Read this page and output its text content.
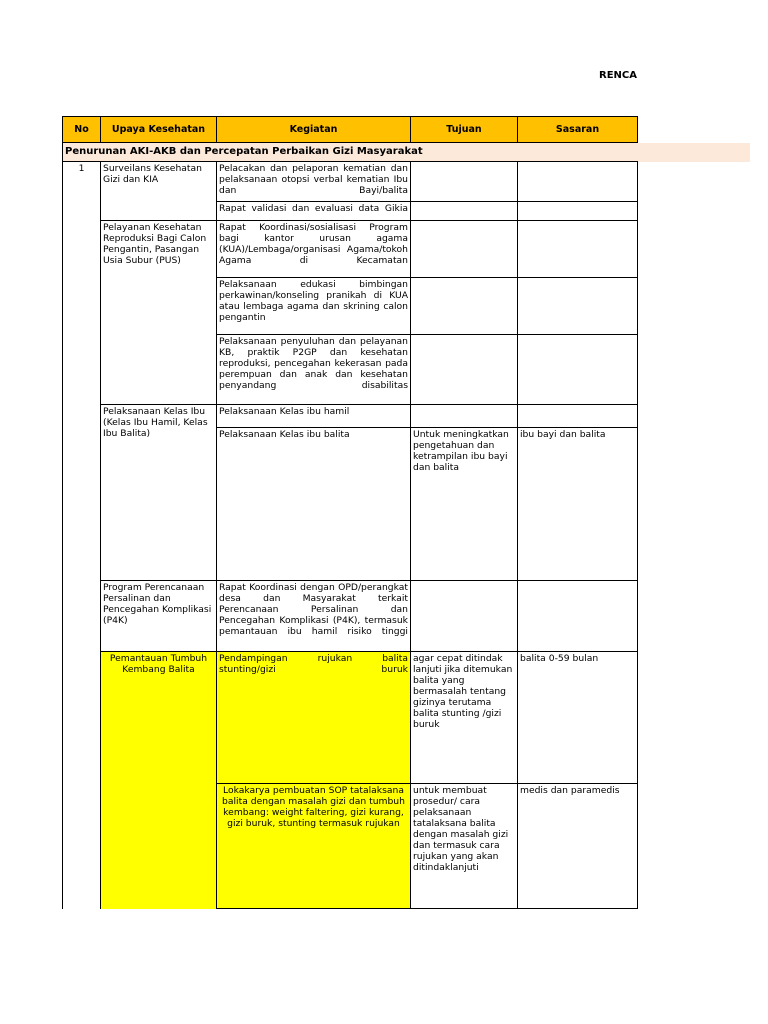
RENCA
No	Upaya Kesehatan	Kegiatan	Tujuan	Sasaran
Penurunan AKI-AKB dan Percepatan Perbaikan Gizi Masyarakat				
1	Surveilans Kesehatan Gizi dan KIA	Pelacakan dan pelaporan kematian dan pelaksanaan otopsi verbal kematian Ibu dan Bayi/balita		
		Rapat validasi dan evaluasi data Gikia		
	Pelayanan Kesehatan Reproduksi Bagi Calon Pengantin, Pasangan Usia Subur (PUS)	Rapat Koordinasi/sosialisasi Program bagi kantor urusan agama (KUA)/Lembaga/organisasi Agama/tokoh Agama di Kecamatan		
		Pelaksanaan edukasi bimbingan perkawinan/konseling pranikah di KUA atau lembaga agama dan skrining calon pengantin		
		Pelaksanaan penyuluhan dan pelayanan KB, praktik P2GP dan kesehatan reproduksi, pencegahan kekerasan pada perempuan dan anak dan kesehatan penyandang disabilitas		
	Pelaksanaan Kelas Ibu (Kelas Ibu Hamil, Kelas Ibu Balita)	Pelaksanaan Kelas ibu hamil		
		Pelaksanaan Kelas ibu balita	Untuk meningkatkan pengetahuan dan ketrampilan ibu bayi dan balita	ibu bayi dan balita
	Program Perencanaan Persalinan dan Pencegahan Komplikasi (P4K)	Rapat Koordinasi dengan OPD/perangkat desa dan Masyarakat terkait Perencanaan Persalinan dan Pencegahan Komplikasi (P4K), termasuk pemantauan ibu hamil risiko tinggi		
	Pemantauan Tumbuh Kembang Balita	Pendampingan rujukan balita stunting/gizi buruk	agar cepat ditindak lanjuti jika ditemukan balita yang bermasalah tentang gizinya terutama balita stunting /gizi buruk	balita 0-59 bulan
		Lokakarya pembuatan SOP tatalaksana balita dengan masalah gizi dan tumbuh kembang: weight faltering, gizi kurang, gizi buruk, stunting termasuk rujukan	untuk membuat prosedur/ cara pelaksanaan tatalaksana balita dengan masalah gizi dan termasuk cara rujukan yang akan ditindaklanjuti	medis dan paramedis
